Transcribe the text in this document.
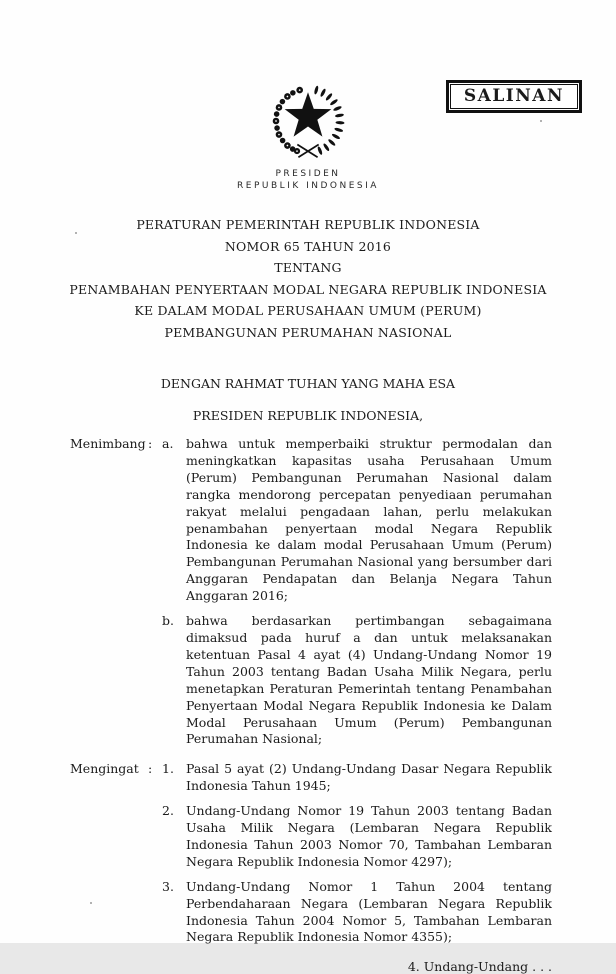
SALINAN
PRESIDEN
REPUBLIK INDONESIA
PERATURAN PEMERINTAH REPUBLIK INDONESIA
NOMOR 65 TAHUN 2016
TENTANG
PENAMBAHAN PENYERTAAN MODAL NEGARA REPUBLIK INDONESIA
KE DALAM MODAL PERUSAHAAN UMUM (PERUM)
PEMBANGUNAN PERUMAHAN NASIONAL
DENGAN RAHMAT TUHAN YANG MAHA ESA
PRESIDEN REPUBLIK INDONESIA,
Menimbang : a.	bahwa untuk memperbaiki struktur permodalan dan meningkatkan kapasitas usaha Perusahaan Umum (Perum) Pembangunan Perumahan Nasional dalam rangka mendorong percepatan penyediaan perumahan rakyat melalui pengadaan lahan, perlu melakukan penambahan penyertaan modal Negara Republik Indonesia ke dalam modal Perusahaan Umum (Perum) Pembangunan Perumahan Nasional yang bersumber dari Anggaran Pendapatan dan Belanja Negara Tahun Anggaran 2016;
b. bahwa berdasarkan pertimbangan sebagaimana dimaksud pada huruf a dan untuk melaksanakan ketentuan Pasal 4 ayat (4) Undang-Undang Nomor 19 Tahun 2003 tentang Badan Usaha Milik Negara, perlu menetapkan Peraturan Pemerintah tentang Penambahan Penyertaan Modal Negara Republik Indonesia ke Dalam Modal Perusahaan Umum (Perum) Pembangunan Perumahan Nasional;
Mengingat : 1. Pasal 5 ayat (2) Undang-Undang Dasar Negara Republik Indonesia Tahun 1945;
2. Undang-Undang Nomor 19 Tahun 2003 tentang Badan Usaha Milik Negara (Lembaran Negara Republik Indonesia Tahun 2003 Nomor 70, Tambahan Lembaran Negara Republik Indonesia Nomor 4297);
3. Undang-Undang Nomor 1 Tahun 2004 tentang Perbendaharaan Negara (Lembaran Negara Republik Indonesia Tahun 2004 Nomor 5, Tambahan Lembaran Negara Republik Indonesia Nomor 4355);
4. Undang-Undang . . .
